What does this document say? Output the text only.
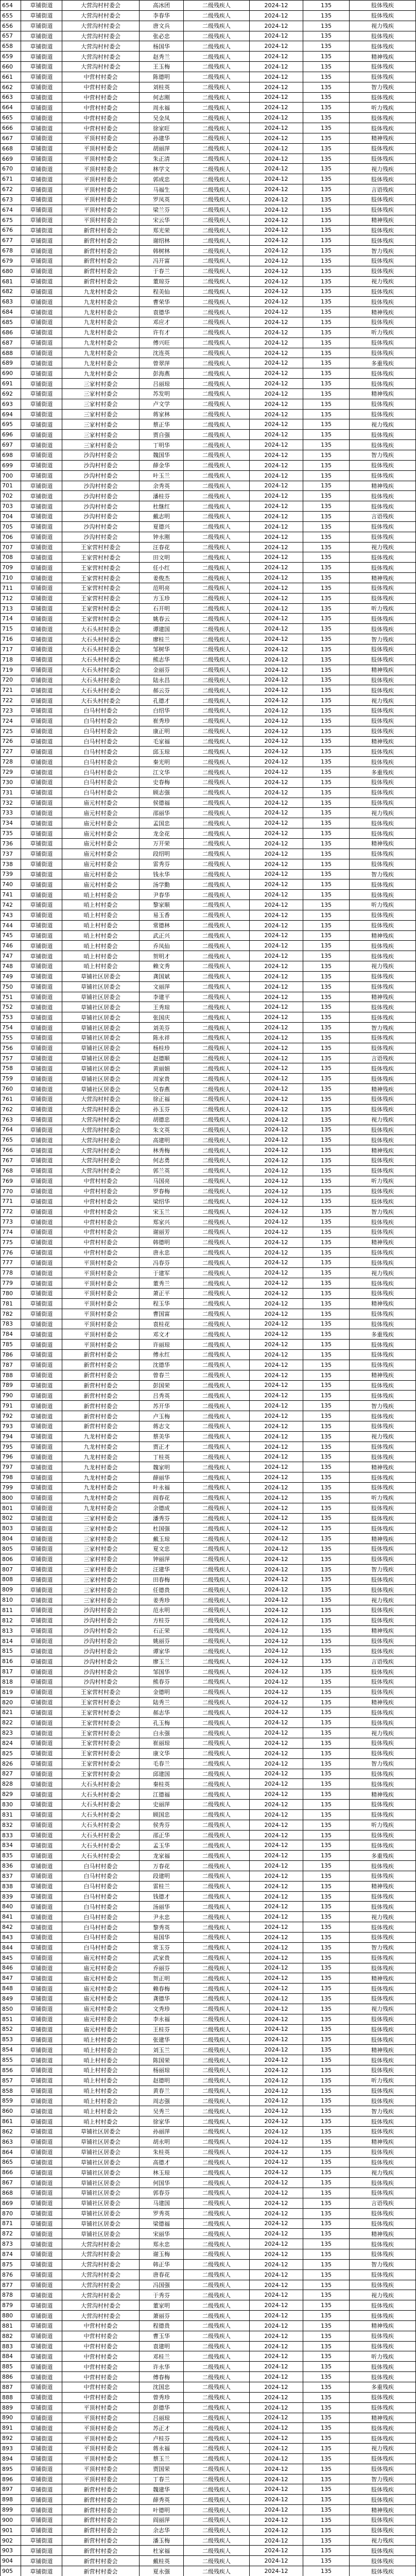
654	草铺街道	大营沟村村委会	高冰团	二级残疾人	2024-12	135	肢体残疾
655	草铺街道	大营沟村村委会	李春华	二级残疾人	2024-12	135	肢体残疾
656	草铺街道	大营沟村村委会	唐文兵	二级残疾人	2024-12	135	视力残疾
657	草铺街道	大营沟村村委会	张必忠	二级残疾人	2024-12	135	肢体残疾
658	草铺街道	大营沟村村委会	杨国华	二级残疾人	2024-12	135	肢体残疾
659	草铺街道	大营沟村村委会	赵秀兰	二级残疾人	2024-12	135	精神残疾
660	草铺街道	大营沟村村委会	王玉梅	二级残疾人	2024-12	135	肢体残疾
661	草铺街道	中营村村委会	陈德明	二级残疾人	2024-12	135	肢体残疾
662	草铺街道	中营村村委会	刘桂英	二级残疾人	2024-12	135	智力残疾
663	草铺街道	中营村村委会	何志刚	二级残疾人	2024-12	135	肢体残疾
664	草铺街道	中营村村委会	周永福	二级残疾人	2024-12	135	听力残疾
665	草铺街道	中营村村委会	吴金凤	二级残疾人	2024-12	135	肢体残疾
666	草铺街道	中营村村委会	徐家旺	二级残疾人	2024-12	135	肢体残疾
667	草铺街道	平顶村村委会	孙建华	二级残疾人	2024-12	135	精神残疾
668	草铺街道	平顶村村委会	胡丽萍	二级残疾人	2024-12	135	肢体残疾
669	草铺街道	平顶村村委会	朱正清	二级残疾人	2024-12	135	肢体残疾
670	草铺街道	平顶村村委会	林学文	二级残疾人	2024-12	135	视力残疾
671	草铺街道	平顶村村委会	郭成忠	二级残疾人	2024-12	135	肢体残疾
672	草铺街道	平顶村村委会	马福生	二级残疾人	2024-12	135	言语残疾
673	草铺街道	平顶村村委会	罗凤英	二级残疾人	2024-12	135	肢体残疾
674	草铺街道	平顶村村委会	梁兰芬	二级残疾人	2024-12	135	肢体残疾
675	草铺街道	平顶村村委会	宋云华	二级残疾人	2024-12	135	精神残疾
676	草铺街道	新营村村委会	郑光荣	二级残疾人	2024-12	135	肢体残疾
677	草铺街道	新营村村委会	谢绍林	二级残疾人	2024-12	135	肢体残疾
678	草铺街道	新营村村委会	韩树林	二级残疾人	2024-12	135	智力残疾
679	草铺街道	新营村村委会	冯开富	二级残疾人	2024-12	135	肢体残疾
680	草铺街道	新营村村委会	于春兰	二级残疾人	2024-12	135	肢体残疾
681	草铺街道	新营村村委会	董琼芬	二级残疾人	2024-12	135	视力残疾
682	草铺街道	九龙村村委会	程美仙	二级残疾人	2024-12	135	肢体残疾
683	草铺街道	九龙村村委会	曹荣华	二级残疾人	2024-12	135	肢体残疾
684	草铺街道	九龙村村委会	袁德华	二级残疾人	2024-12	135	精神残疾
685	草铺街道	九龙村村委会	邓应才	二级残疾人	2024-12	135	肢体残疾
686	草铺街道	九龙村村委会	许有才	二级残疾人	2024-12	135	听力残疾
687	草铺街道	九龙村村委会	傅兴旺	二级残疾人	2024-12	135	肢体残疾
688	草铺街道	九龙村村委会	沈连英	二级残疾人	2024-12	135	肢体残疾
689	草铺街道	九龙村村委会	曾翠萍	二级残疾人	2024-12	135	多重残疾
690	草铺街道	九龙村村委会	彭海燕	二级残疾人	2024-12	135	肢体残疾
691	草铺街道	三家村村委会	吕丽琼	二级残疾人	2024-12	135	肢体残疾
692	草铺街道	三家村村委会	苏发明	二级残疾人	2024-12	135	精神残疾
693	草铺街道	三家村村委会	卢文学	二级残疾人	2024-12	135	肢体残疾
694	草铺街道	三家村村委会	蒋家林	二级残疾人	2024-12	135	肢体残疾
695	草铺街道	三家村村委会	蔡正华	二级残疾人	2024-12	135	视力残疾
696	草铺街道	三家村村委会	贾自强	二级残疾人	2024-12	135	肢体残疾
697	草铺街道	三家村村委会	丁明华	二级残疾人	2024-12	135	肢体残疾
698	草铺街道	沙沟村村委会	魏国华	二级残疾人	2024-12	135	智力残疾
699	草铺街道	沙沟村村委会	薛金华	二级残疾人	2024-12	135	肢体残疾
700	草铺街道	沙沟村村委会	叶玉兰	二级残疾人	2024-12	135	肢体残疾
701	草铺街道	沙沟村村委会	余秀英	二级残疾人	2024-12	135	精神残疾
702	草铺街道	沙沟村村委会	潘桂芬	二级残疾人	2024-12	135	肢体残疾
703	草铺街道	沙沟村村委会	杜继红	二级残疾人	2024-12	135	肢体残疾
704	草铺街道	沙沟村村委会	戴志明	二级残疾人	2024-12	135	言语残疾
705	草铺街道	沙沟村村委会	夏德兴	二级残疾人	2024-12	135	肢体残疾
706	草铺街道	沙沟村村委会	钟永刚	二级残疾人	2024-12	135	肢体残疾
707	草铺街道	王家营村村委会	汪春花	二级残疾人	2024-12	135	视力残疾
708	草铺街道	王家营村村委会	田文明	二级残疾人	2024-12	135	肢体残疾
709	草铺街道	王家营村村委会	任小红	二级残疾人	2024-12	135	肢体残疾
710	草铺街道	王家营村村委会	姜俊杰	二级残疾人	2024-12	135	精神残疾
711	草铺街道	王家营村村委会	范明亮	二级残疾人	2024-12	135	肢体残疾
712	草铺街道	王家营村村委会	方玉珍	二级残疾人	2024-12	135	肢体残疾
713	草铺街道	王家营村村委会	石开明	二级残疾人	2024-12	135	听力残疾
714	草铺街道	王家营村村委会	姚春云	二级残疾人	2024-12	135	肢体残疾
715	草铺街道	大石头村村委会	谭建国	二级残疾人	2024-12	135	肢体残疾
716	草铺街道	大石头村村委会	廖桂兰	二级残疾人	2024-12	135	智力残疾
717	草铺街道	大石头村村委会	邹树华	二级残疾人	2024-12	135	肢体残疾
718	草铺街道	大石头村村委会	熊志华	二级残疾人	2024-12	135	肢体残疾
719	草铺街道	大石头村村委会	金丽芬	二级残疾人	2024-12	135	精神残疾
720	草铺街道	大石头村村委会	陆永昌	二级残疾人	2024-12	135	肢体残疾
721	草铺街道	大石头村村委会	郝云芬	二级残疾人	2024-12	135	肢体残疾
722	草铺街道	大石头村村委会	孔德才	二级残疾人	2024-12	135	视力残疾
723	草铺街道	白马村村委会	白绍华	二级残疾人	2024-12	135	肢体残疾
724	草铺街道	白马村村委会	崔秀珍	二级残疾人	2024-12	135	肢体残疾
725	草铺街道	白马村村委会	康正明	二级残疾人	2024-12	135	肢体残疾
726	草铺街道	白马村村委会	毛家福	二级残疾人	2024-12	135	精神残疾
727	草铺街道	白马村村委会	邱玉琼	二级残疾人	2024-12	135	肢体残疾
728	草铺街道	白马村村委会	秦光明	二级残疾人	2024-12	135	肢体残疾
729	草铺街道	白马村村委会	江文华	二级残疾人	2024-12	135	多重残疾
730	草铺街道	白马村村委会	史春梅	二级残疾人	2024-12	135	肢体残疾
731	草铺街道	白马村村委会	顾志强	二级残疾人	2024-12	135	肢体残疾
732	草铺街道	庙元村村委会	侯德福	二级残疾人	2024-12	135	肢体残疾
733	草铺街道	庙元村村委会	邵丽华	二级残疾人	2024-12	135	视力残疾
734	草铺街道	庙元村村委会	孟国忠	二级残疾人	2024-12	135	肢体残疾
735	草铺街道	庙元村村委会	龙金花	二级残疾人	2024-12	135	肢体残疾
736	草铺街道	庙元村村委会	万开荣	二级残疾人	2024-12	135	精神残疾
737	草铺街道	庙元村村委会	段绍明	二级残疾人	2024-12	135	肢体残疾
738	草铺街道	庙元村村委会	雷秀芬	二级残疾人	2024-12	135	肢体残疾
739	草铺街道	庙元村村委会	钱永华	二级残疾人	2024-12	135	智力残疾
740	草铺街道	庙元村村委会	汤学勤	二级残疾人	2024-12	135	肢体残疾
741	草铺街道	哨上村村委会	尹春华	二级残疾人	2024-12	135	肢体残疾
742	草铺街道	哨上村村委会	黎家顺	二级残疾人	2024-12	135	听力残疾
743	草铺街道	哨上村村委会	易玉香	二级残疾人	2024-12	135	肢体残疾
744	草铺街道	哨上村村委会	常德林	二级残疾人	2024-12	135	肢体残疾
745	草铺街道	哨上村村委会	武正兴	二级残疾人	2024-12	135	精神残疾
746	草铺街道	哨上村村委会	乔凤仙	二级残疾人	2024-12	135	肢体残疾
747	草铺街道	哨上村村委会	贺明才	二级残疾人	2024-12	135	肢体残疾
748	草铺街道	哨上村村委会	赖文秀	二级残疾人	2024-12	135	视力残疾
749	草铺街道	草铺社区居委会	龚国斌	二级残疾人	2024-12	135	肢体残疾
750	草铺街道	草铺社区居委会	文丽萍	二级残疾人	2024-12	135	肢体残疾
751	草铺街道	草铺社区居委会	李建平	二级残疾人	2024-12	135	精神残疾
752	草铺街道	草铺社区居委会	王秀琼	二级残疾人	2024-12	135	肢体残疾
753	草铺街道	草铺社区居委会	张国庆	二级残疾人	2024-12	135	肢体残疾
754	草铺街道	草铺社区居委会	刘美芬	二级残疾人	2024-12	135	智力残疾
755	草铺街道	草铺社区居委会	陈永祥	二级残疾人	2024-12	135	肢体残疾
756	草铺街道	草铺社区居委会	杨桂珍	二级残疾人	2024-12	135	肢体残疾
757	草铺街道	草铺社区居委会	赵德顺	二级残疾人	2024-12	135	言语残疾
758	草铺街道	草铺社区居委会	黄丽娟	二级残疾人	2024-12	135	肢体残疾
759	草铺街道	草铺社区居委会	周家贵	二级残疾人	2024-12	135	肢体残疾
760	草铺街道	草铺社区居委会	吴春燕	二级残疾人	2024-12	135	精神残疾
761	草铺街道	大营沟村村委会	徐正福	二级残疾人	2024-12	135	肢体残疾
762	草铺街道	大营沟村村委会	孙玉芬	二级残疾人	2024-12	135	肢体残疾
763	草铺街道	大营沟村村委会	胡德忠	二级残疾人	2024-12	135	视力残疾
764	草铺街道	大营沟村村委会	朱文英	二级残疾人	2024-12	135	肢体残疾
765	草铺街道	大营沟村村委会	高建明	二级残疾人	2024-12	135	肢体残疾
766	草铺街道	大营沟村村委会	林秀梅	二级残疾人	2024-12	135	精神残疾
767	草铺街道	大营沟村村委会	何志勇	二级残疾人	2024-12	135	肢体残疾
768	草铺街道	大营沟村村委会	郭兰英	二级残疾人	2024-12	135	肢体残疾
769	草铺街道	中营村村委会	马国亮	二级残疾人	2024-12	135	听力残疾
770	草铺街道	中营村村委会	罗春梅	二级残疾人	2024-12	135	肢体残疾
771	草铺街道	中营村村委会	梁绍华	二级残疾人	2024-12	135	肢体残疾
772	草铺街道	中营村村委会	宋玉兰	二级残疾人	2024-12	135	智力残疾
773	草铺街道	中营村村委会	郑家兴	二级残疾人	2024-12	135	肢体残疾
774	草铺街道	中营村村委会	谢丽芳	二级残疾人	2024-12	135	肢体残疾
775	草铺街道	中营村村委会	韩德明	二级残疾人	2024-12	135	精神残疾
776	草铺街道	中营村村委会	唐永忠	二级残疾人	2024-12	135	肢体残疾
777	草铺街道	平顶村村委会	冯春芬	二级残疾人	2024-12	135	肢体残疾
778	草铺街道	平顶村村委会	于建军	二级残疾人	2024-12	135	视力残疾
779	草铺街道	平顶村村委会	董秀兰	二级残疾人	2024-12	135	肢体残疾
780	草铺街道	平顶村村委会	萧正平	二级残疾人	2024-12	135	肢体残疾
781	草铺街道	平顶村村委会	程玉华	二级残疾人	2024-12	135	精神残疾
782	草铺街道	平顶村村委会	曹国富	二级残疾人	2024-12	135	肢体残疾
783	草铺街道	平顶村村委会	袁桂花	二级残疾人	2024-12	135	肢体残疾
784	草铺街道	平顶村村委会	邓文才	二级残疾人	2024-12	135	多重残疾
785	草铺街道	平顶村村委会	许丽琼	二级残疾人	2024-12	135	肢体残疾
786	草铺街道	新营村村委会	傅永红	二级残疾人	2024-12	135	肢体残疾
787	草铺街道	新营村村委会	沈德华	二级残疾人	2024-12	135	肢体残疾
788	草铺街道	新营村村委会	曾春兰	二级残疾人	2024-12	135	精神残疾
789	草铺街道	新营村村委会	彭国荣	二级残疾人	2024-12	135	肢体残疾
790	草铺街道	新营村村委会	吕秀英	二级残疾人	2024-12	135	肢体残疾
791	草铺街道	新营村村委会	苏开华	二级残疾人	2024-12	135	智力残疾
792	草铺街道	新营村村委会	卢玉梅	二级残疾人	2024-12	135	肢体残疾
793	草铺街道	新营村村委会	蒋志文	二级残疾人	2024-12	135	肢体残疾
794	草铺街道	九龙村村委会	蔡美华	二级残疾人	2024-12	135	视力残疾
795	草铺街道	九龙村村委会	贾正才	二级残疾人	2024-12	135	肢体残疾
796	草铺街道	九龙村村委会	丁桂英	二级残疾人	2024-12	135	肢体残疾
797	草铺街道	九龙村村委会	魏家明	二级残疾人	2024-12	135	精神残疾
798	草铺街道	九龙村村委会	薛丽华	二级残疾人	2024-12	135	肢体残疾
799	草铺街道	九龙村村委会	叶永福	二级残疾人	2024-12	135	肢体残疾
800	草铺街道	九龙村村委会	阎春花	二级残疾人	2024-12	135	听力残疾
801	草铺街道	九龙村村委会	余德成	二级残疾人	2024-12	135	肢体残疾
802	草铺街道	三家村村委会	潘秀芬	二级残疾人	2024-12	135	肢体残疾
803	草铺街道	三家村村委会	杜国强	二级残疾人	2024-12	135	肢体残疾
804	草铺街道	三家村村委会	戴玉琼	二级残疾人	2024-12	135	精神残疾
805	草铺街道	三家村村委会	夏文忠	二级残疾人	2024-12	135	肢体残疾
806	草铺街道	三家村村委会	钟丽萍	二级残疾人	2024-12	135	肢体残疾
807	草铺街道	三家村村委会	汪建华	二级残疾人	2024-12	135	智力残疾
808	草铺街道	三家村村委会	田春梅	二级残疾人	2024-12	135	肢体残疾
809	草铺街道	三家村村委会	任德贵	二级残疾人	2024-12	135	肢体残疾
810	草铺街道	三家村村委会	姜秀珍	二级残疾人	2024-12	135	视力残疾
811	草铺街道	沙沟村村委会	范永明	二级残疾人	2024-12	135	肢体残疾
812	草铺街道	沙沟村村委会	方桂芬	二级残疾人	2024-12	135	肢体残疾
813	草铺街道	沙沟村村委会	石正荣	二级残疾人	2024-12	135	精神残疾
814	草铺街道	沙沟村村委会	姚丽芬	二级残疾人	2024-12	135	肢体残疾
815	草铺街道	沙沟村村委会	谭家华	二级残疾人	2024-12	135	肢体残疾
816	草铺街道	沙沟村村委会	廖玉兰	二级残疾人	2024-12	135	言语残疾
817	草铺街道	沙沟村村委会	邹国华	二级残疾人	2024-12	135	肢体残疾
818	草铺街道	沙沟村村委会	熊春芬	二级残疾人	2024-12	135	肢体残疾
819	草铺街道	王家营村村委会	金德明	二级残疾人	2024-12	135	肢体残疾
820	草铺街道	王家营村村委会	陆秀兰	二级残疾人	2024-12	135	精神残疾
821	草铺街道	王家营村村委会	郝志华	二级残疾人	2024-12	135	肢体残疾
822	草铺街道	王家营村村委会	孔玉梅	二级残疾人	2024-12	135	肢体残疾
823	草铺街道	王家营村村委会	白永强	二级残疾人	2024-12	135	视力残疾
824	草铺街道	王家营村村委会	崔丽琼	二级残疾人	2024-12	135	肢体残疾
825	草铺街道	王家营村村委会	康文华	二级残疾人	2024-12	135	肢体残疾
826	草铺街道	王家营村村委会	毛春兰	二级残疾人	2024-12	135	智力残疾
827	草铺街道	王家营村村委会	邱建国	二级残疾人	2024-12	135	肢体残疾
828	草铺街道	大石头村村委会	秦桂英	二级残疾人	2024-12	135	肢体残疾
829	草铺街道	大石头村村委会	江德福	二级残疾人	2024-12	135	精神残疾
830	草铺街道	大石头村村委会	史丽萍	二级残疾人	2024-12	135	肢体残疾
831	草铺街道	大石头村村委会	顾国忠	二级残疾人	2024-12	135	肢体残疾
832	草铺街道	大石头村村委会	侯秀芬	二级残疾人	2024-12	135	听力残疾
833	草铺街道	大石头村村委会	邵正华	二级残疾人	2024-12	135	肢体残疾
834	草铺街道	大石头村村委会	孟玉华	二级残疾人	2024-12	135	肢体残疾
835	草铺街道	大石头村村委会	龙家福	二级残疾人	2024-12	135	多重残疾
836	草铺街道	白马村村委会	万春花	二级残疾人	2024-12	135	肢体残疾
837	草铺街道	白马村村委会	段建明	二级残疾人	2024-12	135	肢体残疾
838	草铺街道	白马村村委会	雷桂兰	二级残疾人	2024-12	135	精神残疾
839	草铺街道	白马村村委会	钱德才	二级残疾人	2024-12	135	肢体残疾
840	草铺街道	白马村村委会	汤丽华	二级残疾人	2024-12	135	肢体残疾
841	草铺街道	白马村村委会	尹永忠	二级残疾人	2024-12	135	视力残疾
842	草铺街道	白马村村委会	黎秀英	二级残疾人	2024-12	135	肢体残疾
843	草铺街道	白马村村委会	易国华	二级残疾人	2024-12	135	肢体残疾
844	草铺街道	白马村村委会	常玉芬	二级残疾人	2024-12	135	智力残疾
845	草铺街道	庙元村村委会	武家贵	二级残疾人	2024-12	135	肢体残疾
846	草铺街道	庙元村村委会	乔丽芬	二级残疾人	2024-12	135	肢体残疾
847	草铺街道	庙元村村委会	贺正明	二级残疾人	2024-12	135	精神残疾
848	草铺街道	庙元村村委会	赖春梅	二级残疾人	2024-12	135	肢体残疾
849	草铺街道	庙元村村委会	龚德华	二级残疾人	2024-12	135	肢体残疾
850	草铺街道	庙元村村委会	文秀珍	二级残疾人	2024-12	135	视力残疾
851	草铺街道	庙元村村委会	李永福	二级残疾人	2024-12	135	肢体残疾
852	草铺街道	庙元村村委会	王桂芬	二级残疾人	2024-12	135	肢体残疾
853	草铺街道	哨上村村委会	张建华	二级残疾人	2024-12	135	肢体残疾
854	草铺街道	哨上村村委会	刘玉兰	二级残疾人	2024-12	135	精神残疾
855	草铺街道	哨上村村委会	陈国荣	二级残疾人	2024-12	135	肢体残疾
856	草铺街道	哨上村村委会	杨丽琼	二级残疾人	2024-12	135	肢体残疾
857	草铺街道	哨上村村委会	赵德明	二级残疾人	2024-12	135	听力残疾
858	草铺街道	哨上村村委会	黄春兰	二级残疾人	2024-12	135	肢体残疾
859	草铺街道	哨上村村委会	周志强	二级残疾人	2024-12	135	肢体残疾
860	草铺街道	哨上村村委会	吴秀兰	二级残疾人	2024-12	135	智力残疾
861	草铺街道	哨上村村委会	徐家华	二级残疾人	2024-12	135	肢体残疾
862	草铺街道	草铺社区居委会	孙丽萍	二级残疾人	2024-12	135	肢体残疾
863	草铺街道	草铺社区居委会	胡永明	二级残疾人	2024-12	135	精神残疾
864	草铺街道	草铺社区居委会	朱桂英	二级残疾人	2024-12	135	肢体残疾
865	草铺街道	草铺社区居委会	高德才	二级残疾人	2024-12	135	肢体残疾
866	草铺街道	草铺社区居委会	林玉琼	二级残疾人	2024-12	135	视力残疾
867	草铺街道	草铺社区居委会	何国华	二级残疾人	2024-12	135	肢体残疾
868	草铺街道	草铺社区居委会	郭春芬	二级残疾人	2024-12	135	肢体残疾
869	草铺街道	草铺社区居委会	马建国	二级残疾人	2024-12	135	言语残疾
870	草铺街道	草铺社区居委会	罗秀英	二级残疾人	2024-12	135	肢体残疾
871	草铺街道	草铺社区居委会	梁德福	二级残疾人	2024-12	135	肢体残疾
872	草铺街道	草铺社区居委会	宋丽华	二级残疾人	2024-12	135	精神残疾
873	草铺街道	大营沟村村委会	郑永忠	二级残疾人	2024-12	135	肢体残疾
874	草铺街道	大营沟村村委会	谢玉梅	二级残疾人	2024-12	135	肢体残疾
875	草铺街道	大营沟村村委会	韩正华	二级残疾人	2024-12	135	智力残疾
876	草铺街道	大营沟村村委会	唐春花	二级残疾人	2024-12	135	肢体残疾
877	草铺街道	大营沟村村委会	冯国强	二级残疾人	2024-12	135	肢体残疾
878	草铺街道	大营沟村村委会	于秀芬	二级残疾人	2024-12	135	视力残疾
879	草铺街道	大营沟村村委会	董家明	二级残疾人	2024-12	135	肢体残疾
880	草铺街道	大营沟村村委会	萧丽芬	二级残疾人	2024-12	135	肢体残疾
881	草铺街道	中营村村委会	程德贵	二级残疾人	2024-12	135	精神残疾
882	草铺街道	中营村村委会	曹玉华	二级残疾人	2024-12	135	肢体残疾
883	草铺街道	中营村村委会	袁建明	二级残疾人	2024-12	135	肢体残疾
884	草铺街道	中营村村委会	邓桂兰	二级残疾人	2024-12	135	听力残疾
885	草铺街道	中营村村委会	许永华	二级残疾人	2024-12	135	肢体残疾
886	草铺街道	中营村村委会	傅春梅	二级残疾人	2024-12	135	肢体残疾
887	草铺街道	中营村村委会	沈国忠	二级残疾人	2024-12	135	多重残疾
888	草铺街道	中营村村委会	曾秀珍	二级残疾人	2024-12	135	肢体残疾
889	草铺街道	平顶村村委会	彭德华	二级残疾人	2024-12	135	肢体残疾
890	草铺街道	平顶村村委会	吕丽琼	二级残疾人	2024-12	135	精神残疾
891	草铺街道	平顶村村委会	苏正才	二级残疾人	2024-12	135	肢体残疾
892	草铺街道	平顶村村委会	卢桂芬	二级残疾人	2024-12	135	肢体残疾
893	草铺街道	平顶村村委会	蒋永福	二级残疾人	2024-12	135	视力残疾
894	草铺街道	平顶村村委会	蔡玉兰	二级残疾人	2024-12	135	肢体残疾
895	草铺街道	平顶村村委会	贾国荣	二级残疾人	2024-12	135	肢体残疾
896	草铺街道	平顶村村委会	丁春兰	二级残疾人	2024-12	135	智力残疾
897	草铺街道	新营村村委会	魏建华	二级残疾人	2024-12	135	肢体残疾
898	草铺街道	新营村村委会	薛秀英	二级残疾人	2024-12	135	肢体残疾
899	草铺街道	新营村村委会	叶德明	二级残疾人	2024-12	135	精神残疾
900	草铺街道	新营村村委会	阎丽萍	二级残疾人	2024-12	135	肢体残疾
901	草铺街道	新营村村委会	余志华	二级残疾人	2024-12	135	肢体残疾
902	草铺街道	新营村村委会	潘玉梅	二级残疾人	2024-12	135	视力残疾
903	草铺街道	新营村村委会	杜家福	二级残疾人	2024-12	135	肢体残疾
904	草铺街道	新营村村委会	戴桂英	二级残疾人	2024-12	135	肢体残疾
905	草铺街道	新营村村委会	夏永强	二级残疾人	2024-12	135	肢体残疾
